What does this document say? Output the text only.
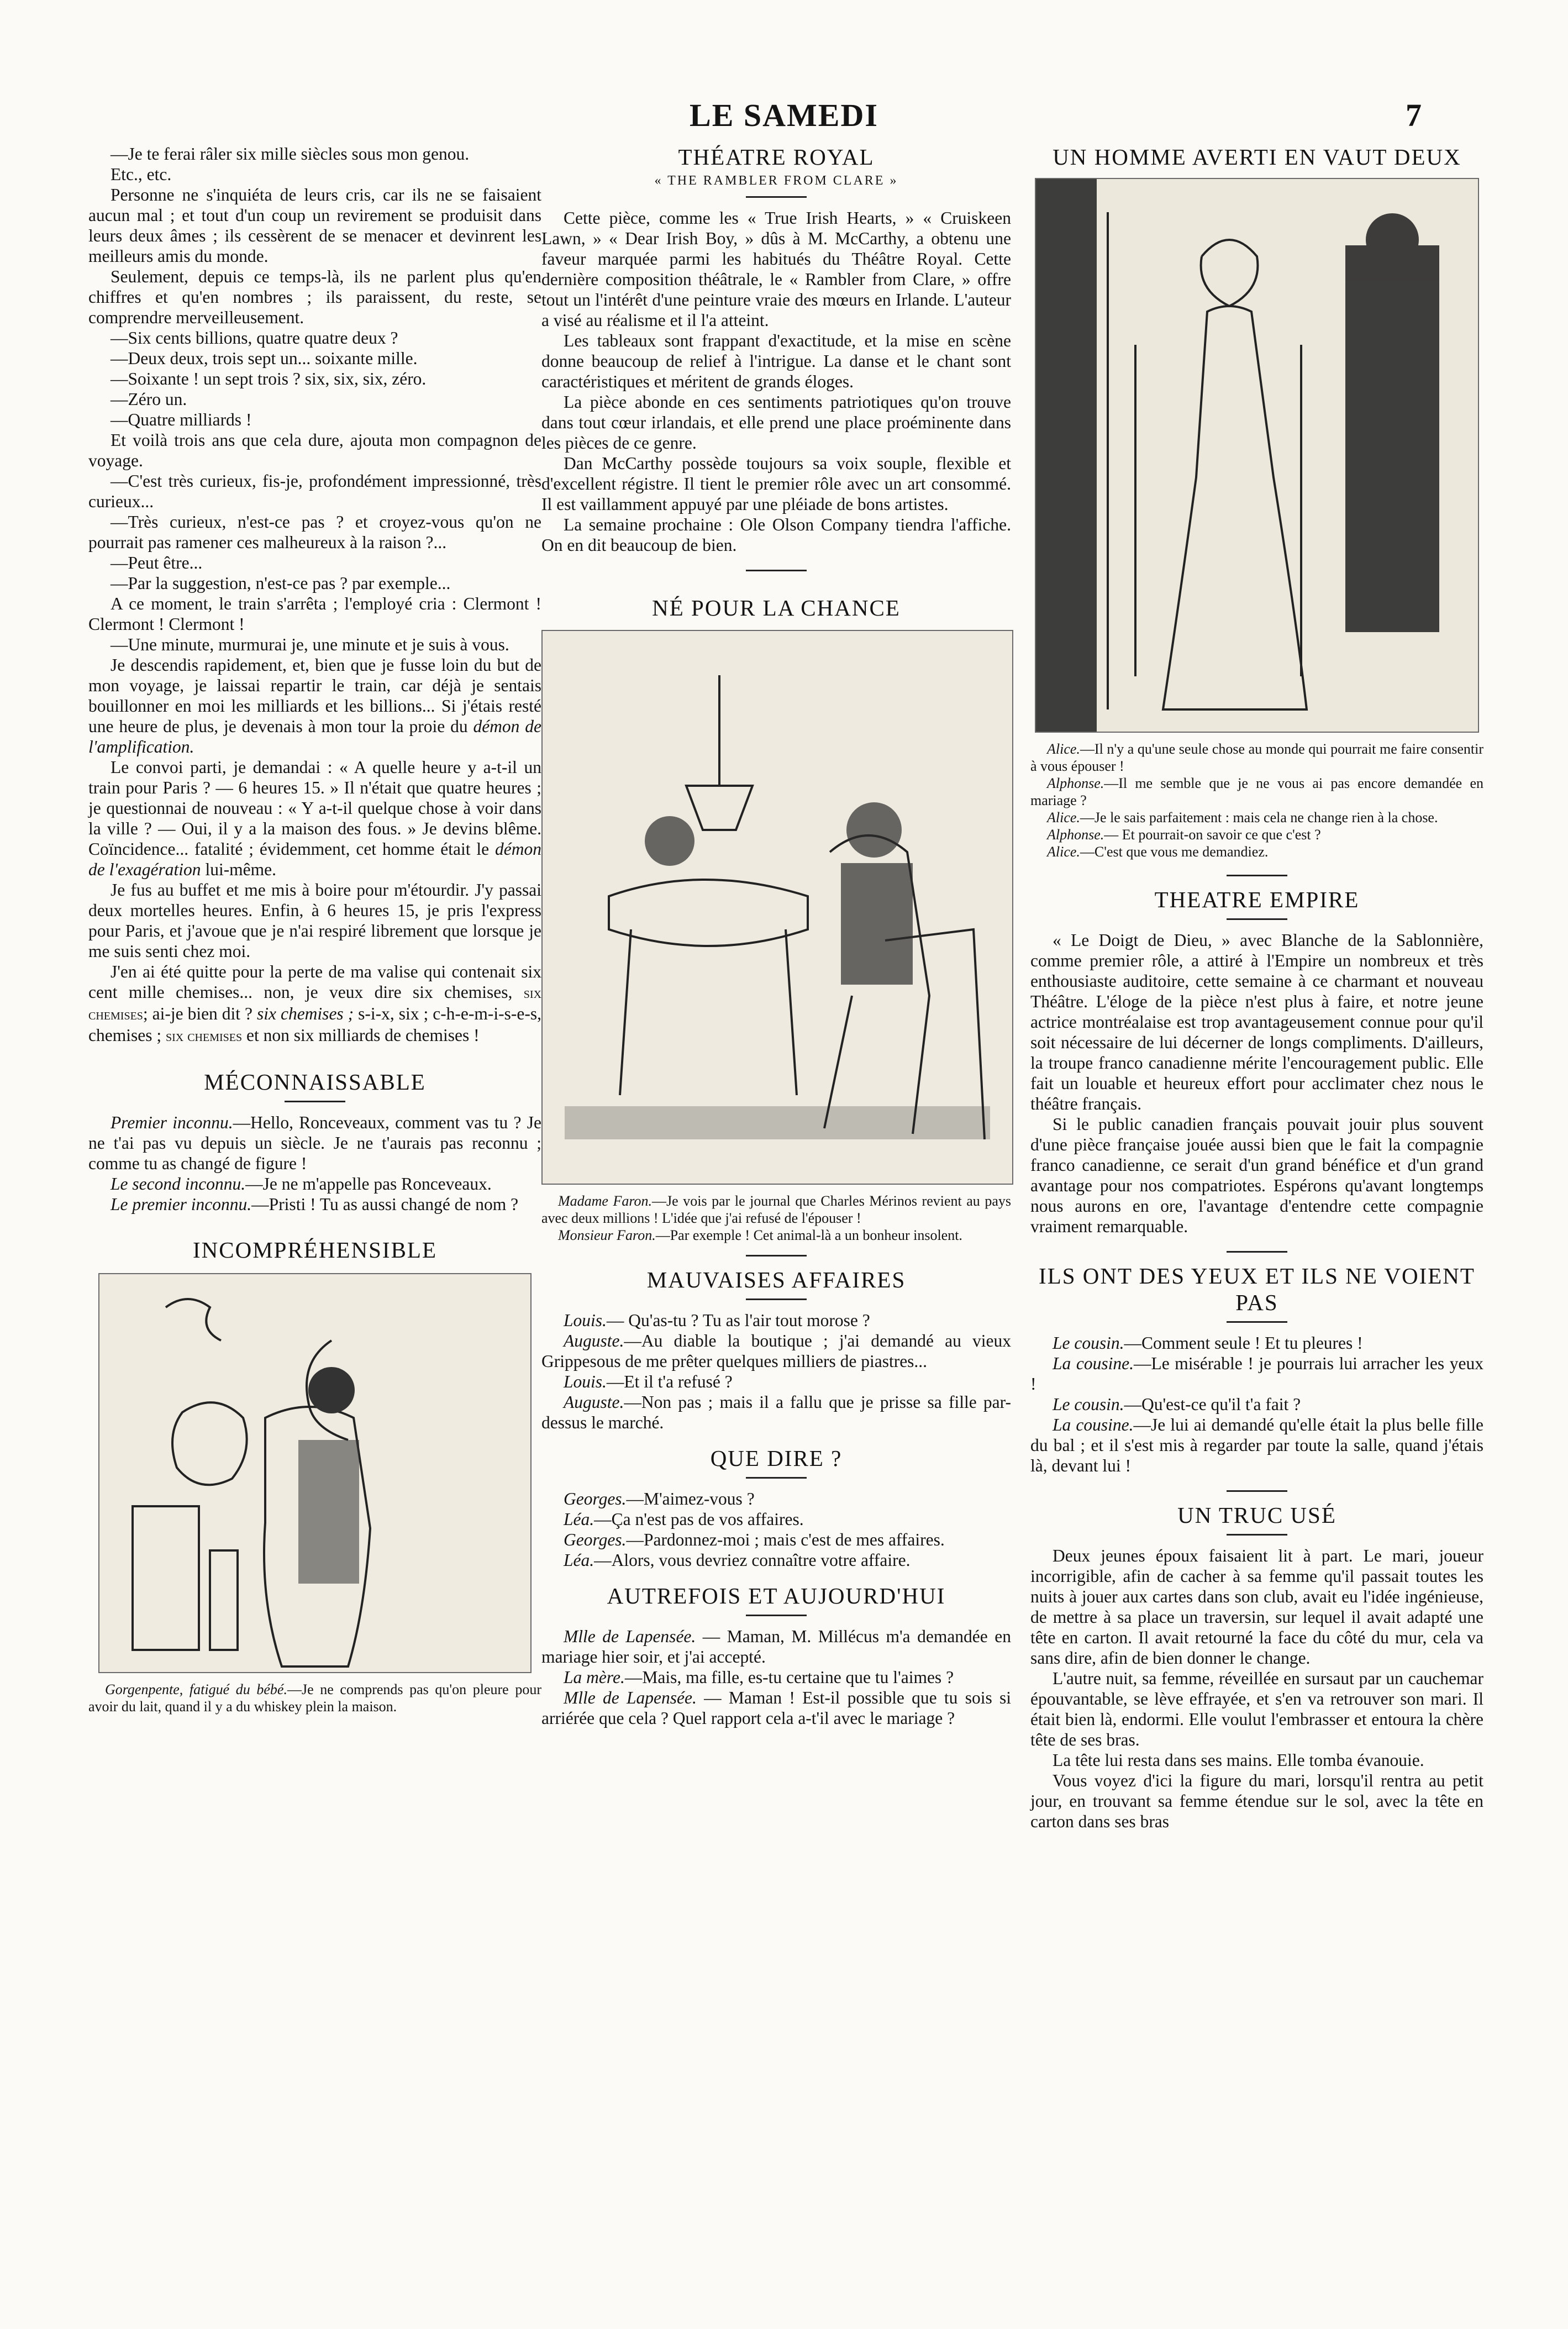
LE SAMEDI	7

—Je te ferai râler six mille siècles sous mon genou.

Etc., etc.

Personne ne s'inquiéta de leurs cris, car ils ne se faisaient aucun mal ; et tout d'un coup un revirement se produisit dans leurs deux âmes ; ils cessèrent de se menacer et devinrent les meilleurs amis du monde.

Seulement, depuis ce temps-là, ils ne parlent plus qu'en chiffres et qu'en nombres ; ils paraissent, du reste, se comprendre merveilleusement.

—Six cents billions, quatre quatre deux ?

—Deux deux, trois sept un... soixante mille.

—Soixante ! un sept trois ? six, six, six, zéro.

—Zéro un.

—Quatre milliards !

Et voilà trois ans que cela dure, ajouta mon compagnon de voyage.

—C'est très curieux, fis-je, profondément impressionné, très curieux...

—Très curieux, n'est-ce pas ? et croyez-vous qu'on ne pourrait pas ramener ces malheureux à la raison ?...

—Peut être...

—Par la suggestion, n'est-ce pas ? par exemple...

A ce moment, le train s'arrêta ; l'employé cria : Clermont ! Clermont ! Clermont !

—Une minute, murmurai je, une minute et je suis à vous.

Je descendis rapidement, et, bien que je fusse loin du but de mon voyage, je laissai repartir le train, car déjà je sentais bouillonner en moi les milliards et les billions... Si j'étais resté une heure de plus, je devenais à mon tour la proie du démon de l'amplification.

Le convoi parti, je demandai : « A quelle heure y a-t-il un train pour Paris ? — 6 heures 15. » Il n'était que quatre heures ; je questionnai de nouveau : « Y a-t-il quelque chose à voir dans la ville ? — Oui, il y a la maison des fous. » Je devins blême. Coïncidence... fatalité ; évidemment, cet homme était le démon de l'exagération lui-même.

Je fus au buffet et me mis à boire pour m'étourdir. J'y passai deux mortelles heures. Enfin, à 6 heures 15, je pris l'express pour Paris, et j'avoue que je n'ai respiré librement que lorsque je me suis senti chez moi.

J'en ai été quitte pour la perte de ma valise qui contenait six cent mille chemises... non, je veux dire six chemises, six chemises; ai-je bien dit ? six chemises ; s-i-x, six ; c-h-e-m-i-s-e-s, chemises ; six chemises et non six milliards de chemises !

MÉCONNAISSABLE

Premier inconnu.—Hello, Ronceveaux, comment vas tu ? Je ne t'ai pas vu depuis un siècle. Je ne t'aurais pas reconnu ; comme tu as changé de figure !

Le second inconnu.—Je ne m'appelle pas Ronceveaux.

Le premier inconnu.—Pristi ! Tu as aussi changé de nom ?

INCOMPRÉHENSIBLE

Gorgenpente, fatigué du bébé.—Je ne comprends pas qu'on pleure pour avoir du lait, quand il y a du whiskey plein la maison.

THÉATRE ROYAL
« THE RAMBLER FROM CLARE »

Cette pièce, comme les « True Irish Hearts, » « Cruiskeen Lawn, » « Dear Irish Boy, » dûs à M. McCarthy, a obtenu une faveur marquée parmi les habitués du Théâtre Royal. Cette dernière composition théâtrale, le « Rambler from Clare, » offre tout un l'intérêt d'une peinture vraie des mœurs en Irlande. L'auteur a visé au réalisme et il l'a atteint.

Les tableaux sont frappant d'exactitude, et la mise en scène donne beaucoup de relief à l'intrigue. La danse et le chant sont caractéristiques et méritent de grands éloges.

La pièce abonde en ces sentiments patriotiques qu'on trouve dans tout cœur irlandais, et elle prend une place proéminente dans les pièces de ce genre.

Dan McCarthy possède toujours sa voix souple, flexible et d'excellent régistre. Il tient le premier rôle avec un art consommé. Il est vaillamment appuyé par une pléiade de bons artistes.

La semaine prochaine : Ole Olson Company tiendra l'affiche. On en dit beaucoup de bien.

NÉ POUR LA CHANCE

Madame Faron.—Je vois par le journal que Charles Mérinos revient au pays avec deux millions ! L'idée que j'ai refusé de l'épouser !

Monsieur Faron.—Par exemple ! Cet animal-là a un bonheur insolent.

MAUVAISES AFFAIRES

Louis.— Qu'as-tu ? Tu as l'air tout morose ?

Auguste.—Au diable la boutique ; j'ai demandé au vieux Grippesous de me prêter quelques milliers de piastres...

Louis.—Et il t'a refusé ?

Auguste.—Non pas ; mais il a fallu que je prisse sa fille par-dessus le marché.

QUE DIRE ?

Georges.—M'aimez-vous ?

Léa.—Ça n'est pas de vos affaires.

Georges.—Pardonnez-moi ; mais c'est de mes affaires.

Léa.—Alors, vous devriez connaître votre affaire.

AUTREFOIS ET AUJOURD'HUI

Mlle de Lapensée. — Maman, M. Millécus m'a demandée en mariage hier soir, et j'ai accepté.

La mère.—Mais, ma fille, es-tu certaine que tu l'aimes ?

Mlle de Lapensée. — Maman ! Est-il possible que tu sois si arriérée que cela ? Quel rapport cela a-t'il avec le mariage ?

UN HOMME AVERTI EN VAUT DEUX

Alice.—Il n'y a qu'une seule chose au monde qui pourrait me faire consentir à vous épouser !

Alphonse.—Il me semble que je ne vous ai pas encore demandée en mariage ?

Alice.—Je le sais parfaitement : mais cela ne change rien à la chose.

Alphonse.— Et pourrait-on savoir ce que c'est ?

Alice.—C'est que vous me demandiez.

THEATRE EMPIRE

« Le Doigt de Dieu, » avec Blanche de la Sablonnière, comme premier rôle, a attiré à l'Empire un nombreux et très enthousiaste auditoire, cette semaine à ce charmant et nouveau Théâtre. L'éloge de la pièce n'est plus à faire, et notre jeune actrice montréalaise est trop avantageusement connue pour qu'il soit nécessaire de lui décerner de longs compliments. D'ailleurs, la troupe franco canadienne mérite l'encouragement public. Elle fait un louable et heureux effort pour acclimater chez nous le théâtre français.

Si le public canadien français pouvait jouir plus souvent d'une pièce française jouée aussi bien que le fait la compagnie franco canadienne, ce serait d'un grand bénéfice et d'un grand avantage pour nos compatriotes. Espérons qu'avant longtemps nous aurons en ore, l'avantage d'entendre cette compagnie vraiment remarquable.

ILS ONT DES YEUX ET ILS NE VOIENT PAS

Le cousin.—Comment seule ! Et tu pleures !

La cousine.—Le misérable ! je pourrais lui arracher les yeux !

Le cousin.—Qu'est-ce qu'il t'a fait ?

La cousine.—Je lui ai demandé qu'elle était la plus belle fille du bal ; et il s'est mis à regarder par toute la salle, quand j'étais là, devant lui !

UN TRUC USÉ

Deux jeunes époux faisaient lit à part. Le mari, joueur incorrigible, afin de cacher à sa femme qu'il passait toutes les nuits à jouer aux cartes dans son club, avait eu l'idée ingénieuse, de mettre à sa place un traversin, sur lequel il avait adapté une tête en carton. Il avait retourné la face du côté du mur, cela va sans dire, afin de bien donner le change.

L'autre nuit, sa femme, réveillée en sursaut par un cauchemar épouvantable, se lève effrayée, et s'en va retrouver son mari. Il était bien là, endormi. Elle voulut l'embrasser et entoura la chère tête de ses bras.

La tête lui resta dans ses mains. Elle tomba évanouie.

Vous voyez d'ici la figure du mari, lorsqu'il rentra au petit jour, en trouvant sa femme étendue sur le sol, avec la tête en carton dans ses bras
